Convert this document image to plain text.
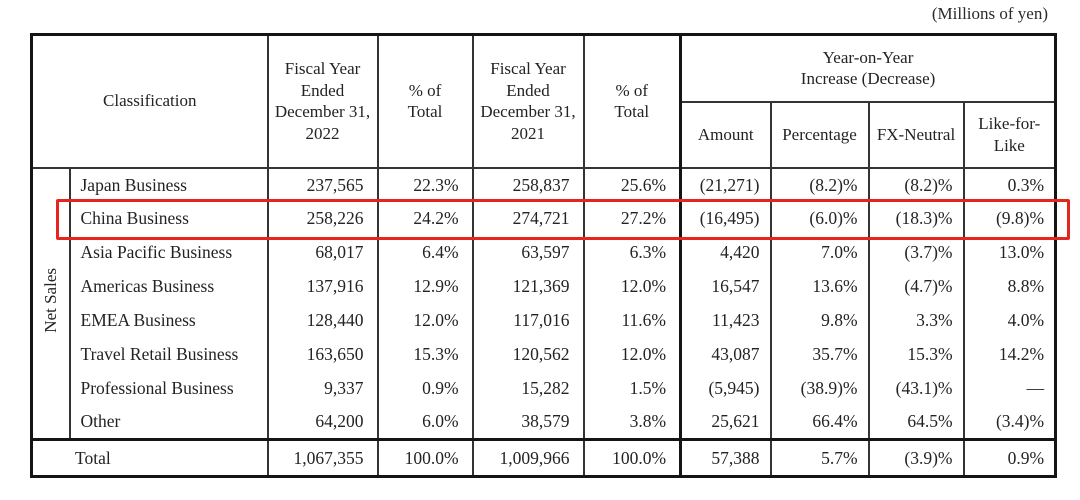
(Millions of yen)
Classification		Fiscal Year Ended December 31, 2022	% of Total	Fiscal Year Ended December 31, 2021	% of Total	Year-on-Year
Increase (Decrease)			

						Amount	Percentage	FX-Neutral	Like-for-Like
Net Sales	Japan Business	237,565	22.3%	258,837	25.6%	(21,271)	(8.2)%	(8.2)%	0.3%
	China Business	258,226	24.2%	274,721	27.2%	(16,495)	(6.0)%	(18.3)%	(9.8)%
	Asia Pacific Business	68,017	6.4%	63,597	6.3%	4,420	7.0%	(3.7)%	13.0%
	Americas Business	137,916	12.9%	121,369	12.0%	16,547	13.6%	(4.7)%	8.8%
	EMEA Business	128,440	12.0%	117,016	11.6%	11,423	9.8%	3.3%	4.0%
	Travel Retail Business	163,650	15.3%	120,562	12.0%	43,087	35.7%	15.3%	14.2%
	Professional Business	9,337	0.9%	15,282	1.5%	(5,945)	(38.9)%	(43.1)%	—
	Other	64,200	6.0%	38,579	3.8%	25,621	66.4%	64.5%	(3.4)%
Total		1,067,355	100.0%	1,009,966	100.0%	57,388	5.7%	(3.9)%	0.9%
